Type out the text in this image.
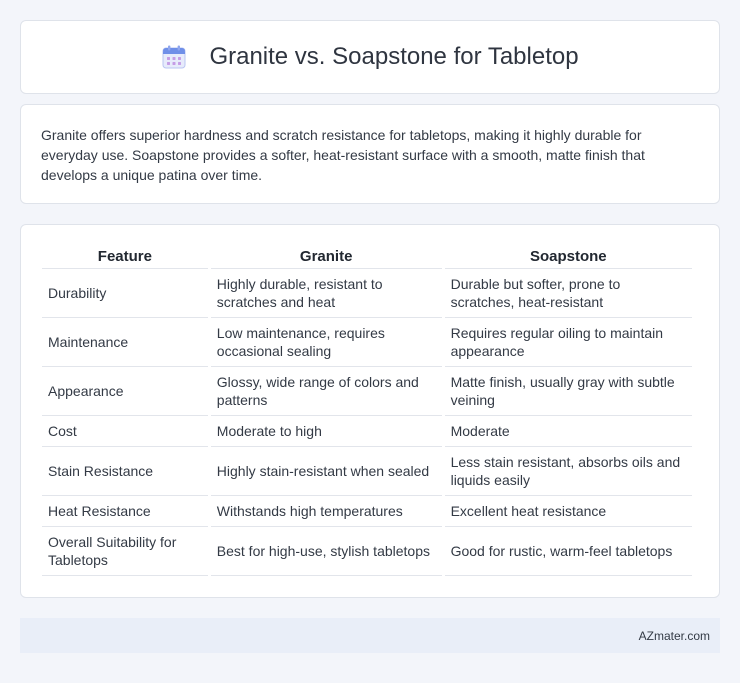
Granite vs. Soapstone for Tabletop

Granite offers superior hardness and scratch resistance for tabletops, making it highly durable for everyday use. Soapstone provides a softer, heat-resistant surface with a smooth, matte finish that develops a unique patina over time.

Feature	Granite	Soapstone
Durability	Highly durable, resistant to scratches and heat	Durable but softer, prone to scratches, heat-resistant
Maintenance	Low maintenance, requires occasional sealing	Requires regular oiling to maintain appearance
Appearance	Glossy, wide range of colors and patterns	Matte finish, usually gray with subtle veining
Cost	Moderate to high	Moderate
Stain Resistance	Highly stain-resistant when sealed	Less stain resistant, absorbs oils and liquids easily
Heat Resistance	Withstands high temperatures	Excellent heat resistance
Overall Suitability for Tabletops	Best for high-use, stylish tabletops	Good for rustic, warm-feel tabletops
AZmater.com
